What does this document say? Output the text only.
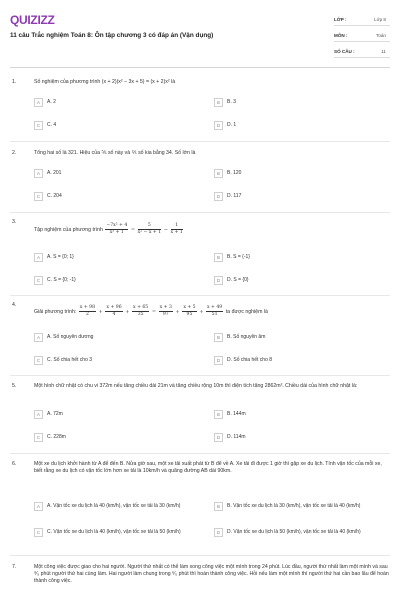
QUIZIZZ
11 câu Trắc nghiệm Toán 8: Ôn tập chương 3 có đáp án (Vận dụng)
LỚP :	Lớp 8
MÔN :	Toán
SỐ CÂU :	11
1.	Số nghiệm của phương trình (x + 2)(x² − 3x + 5) = (x + 2)x² là
A	A. 2	B	B. 3
C	C. 4	D	D. 1
2.	Tổng hai số là 321. Hiệu của ⅚ số này và ⅖ số kia bằng 34. Số lớn là
A	A. 201	B	B. 120
C	C. 204	D	D. 117
3.
Tập nghiệm của phương trình $\frac{\text{−7x² + 4}}{\text{x³ + 1}} = \frac{5}{\text{x² − x + 1}} - \frac{1}{x + 1}$
A	A. S = {0; 1}	B	B. S = {-1}
C	C. S = {0; -1}	D	D. S = {0}
4.
Giải phương trình: $\frac{x + 98}{2} + \frac{x + 96}{4} + \frac{x + 65}{35} = \frac{x + 3}{97} + \frac{x + 5}{95} + \frac{x + 49}{51}$ ta được nghiệm là
A	A. Số nguyên dương	B	B. Số nguyên âm
C	C. Số chia hết cho 3	D	D. Số chia hết cho 8
5.	Một hình chữ nhật có chu vi 372m nếu tăng chiều dài 21m và tăng chiều rộng 10m thì diện tích tăng 2862m². Chiều dài của hình chữ nhật là:
A	A. 72m	B	B. 144m
C	C. 228m	D	D. 114m
6.	Một xe du lịch khởi hành từ A để đến B. Nửa giờ sau, một xe tải xuất phát từ B để về A. Xe tải đi được 1 giờ thì gặp xe du lịch. Tính vận tốc của mỗi xe, biết rằng xe du lịch có vận tốc lớn hơn xe tải là 10km/h và quãng đường AB dài 90km.
A	A. Vận tốc xe du lịch là 40 (km/h), vận tốc xe tải là 30 (km/h)	B	B. Vận tốc xe du lịch là 30 (km/h), vận tốc xe tải là 40 (km/h)
C	C. Vận tốc xe du lịch là 40 (km/h), vận tốc xe tải là 50 (km/h)	D	D. Vận tốc xe du lịch là 50 (km/h), vận tốc xe tải là 40 (km/h)
7.	Một công việc được giao cho hai người. Người thứ nhất có thể làm xong công việc một mình trong 24 phút. Lúc đầu, người thứ nhất làm một mình và sau ⁹⁄₅ phút người thứ hai cùng làm. Hai người làm chung trong ⁶⁄₅ phút thì hoàn thành công việc. Hỏi nếu làm một mình thì người thứ hai cần bao lâu để hoàn thành công việc.
